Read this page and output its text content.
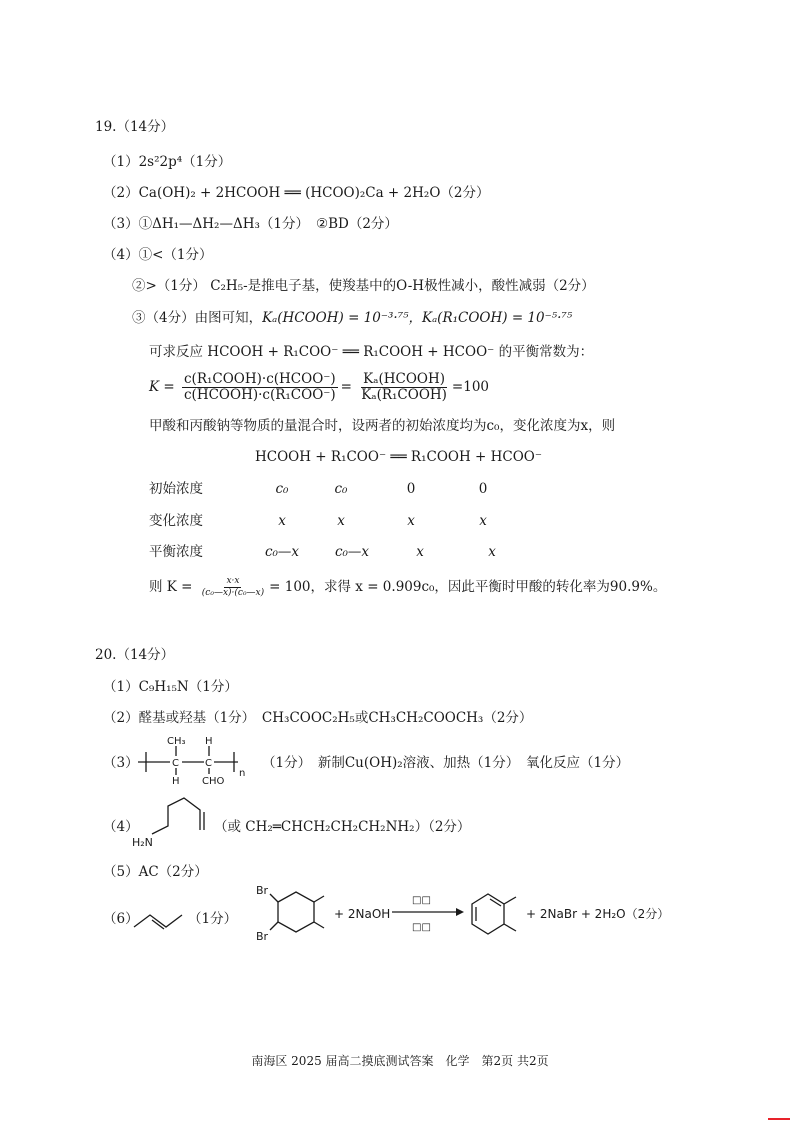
19.（14分）
（1）2s²2p⁴（1分）
（2）Ca(OH)₂ + 2HCOOH ══ (HCOO)₂Ca + 2H₂O（2分）
（3）①ΔH₁—ΔH₂—ΔH₃（1分） ②BD（2分）
（4）①<（1分）
②>（1分） C₂H₅-是推电子基，使羧基中的O-H极性减小，酸性减弱（2分）
③（4分）由图可知，Kₐ(HCOOH) = 10⁻³·⁷⁵，Kₐ(R₁COOH) = 10⁻⁵·⁷⁵
可求反应 HCOOH + R₁COO⁻ ══ R₁COOH + HCOO⁻ 的平衡常数为：
$K = \frac{\text{c(R₁COOH)·c(HCOO⁻)}}{\text{c(HCOOH)·c(R₁COO⁻)}} = \frac{\text{Kₐ(HCOOH)}}{\text{Kₐ(R₁COOH)}} =100$
甲酸和丙酸钠等物质的量混合时，设两者的初始浓度均为c₀，变化浓度为x，则
HCOOH + R₁COO⁻ ══ R₁COOH + HCOO⁻
初始浓度	c₀	c₀	0	0
变化浓度	x	x	x	x
平衡浓度	c₀—x	c₀—x	x	x
则 $K = \frac{x\cdot x}{\text{(c₀—x)·(c₀—x)}} = 100$，求得 x = 0.909c₀，因此平衡时甲酸的转化率为90.9%。
20.（14分）
（1）C₉H₁₅N（1分）
（2）醛基或羟基（1分）　CH₃COOC₂H₅或CH₃CH₂COOCH₃（2分）
（3）
CH₃ H
C	C
H CHO
n
（1分）　新制Cu(OH)₂溶液、加热（1分）　氧化反应（1分）
（4）
H₂N
（或 CH₂═CHCH₂CH₂CH₂NH₂）（2分）
（5）AC（2分）
（6）	（1分）
Br
Br
+ 2NaOH
□□
□□
+ 2NaBr + 2H₂O（2分）
南海区 2025 届高二摸底测试答案　化学　第2页 共2页
